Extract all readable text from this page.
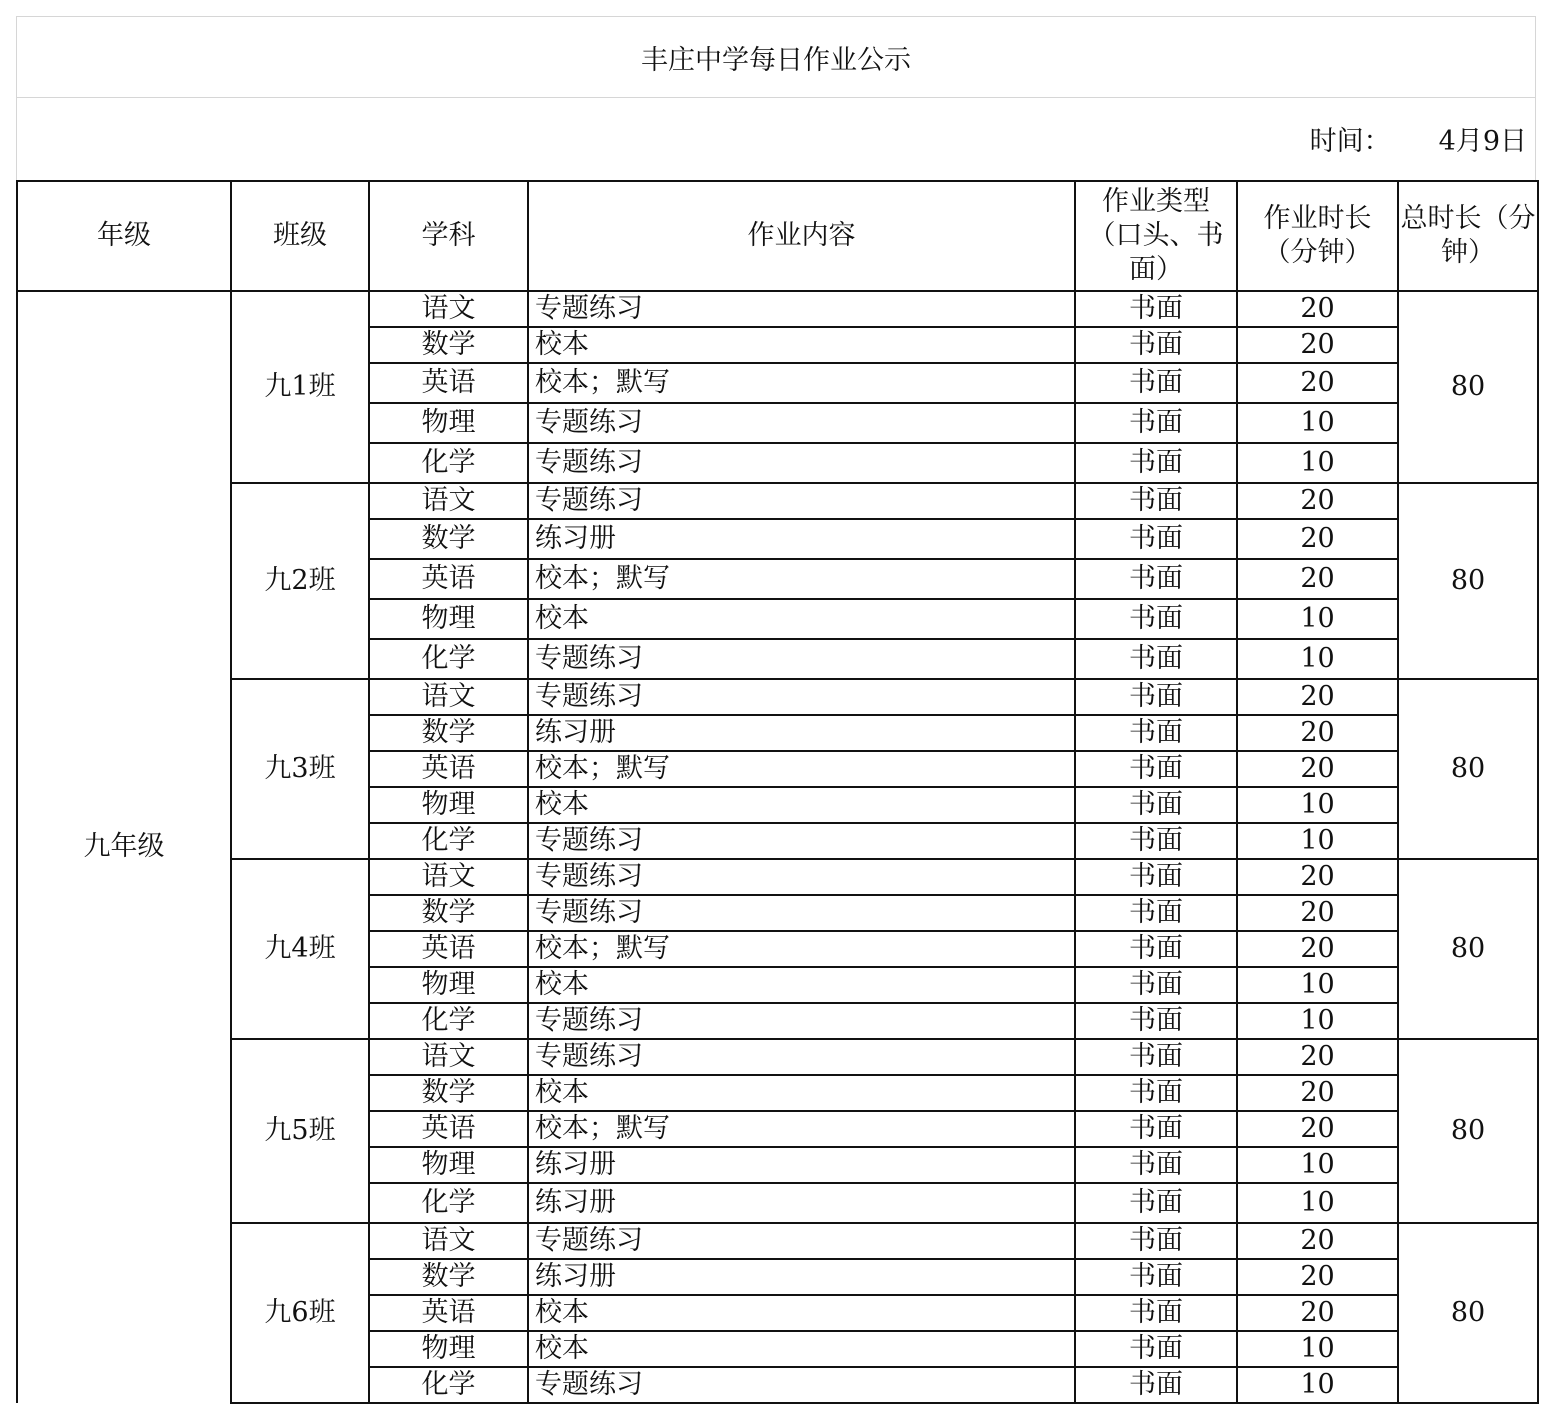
丰庄中学每日作业公示
时间： 4月9日
年级	班级	学科	作业内容	作业类型（口头、书面）	作业时长（分钟）	总时长（分钟）
九年级	九1班	语文	专题练习	书面	20	80
		数学	校本	书面	20	
		英语	校本；默写	书面	20	
		物理	专题练习	书面	10	
		化学	专题练习	书面	10	
	九2班	语文	专题练习	书面	20	80
		数学	练习册	书面	20	
		英语	校本；默写	书面	20	
		物理	校本	书面	10	
		化学	专题练习	书面	10	
	九3班	语文	专题练习	书面	20	80
		数学	练习册	书面	20	
		英语	校本；默写	书面	20	
		物理	校本	书面	10	
		化学	专题练习	书面	10	
	九4班	语文	专题练习	书面	20	80
		数学	专题练习	书面	20	
		英语	校本；默写	书面	20	
		物理	校本	书面	10	
		化学	专题练习	书面	10	
	九5班	语文	专题练习	书面	20	80
		数学	校本	书面	20	
		英语	校本；默写	书面	20	
		物理	练习册	书面	10	
		化学	练习册	书面	10	
	九6班	语文	专题练习	书面	20	80
		数学	练习册	书面	20	
		英语	校本	书面	20	
		物理	校本	书面	10	
		化学	专题练习	书面	10	
